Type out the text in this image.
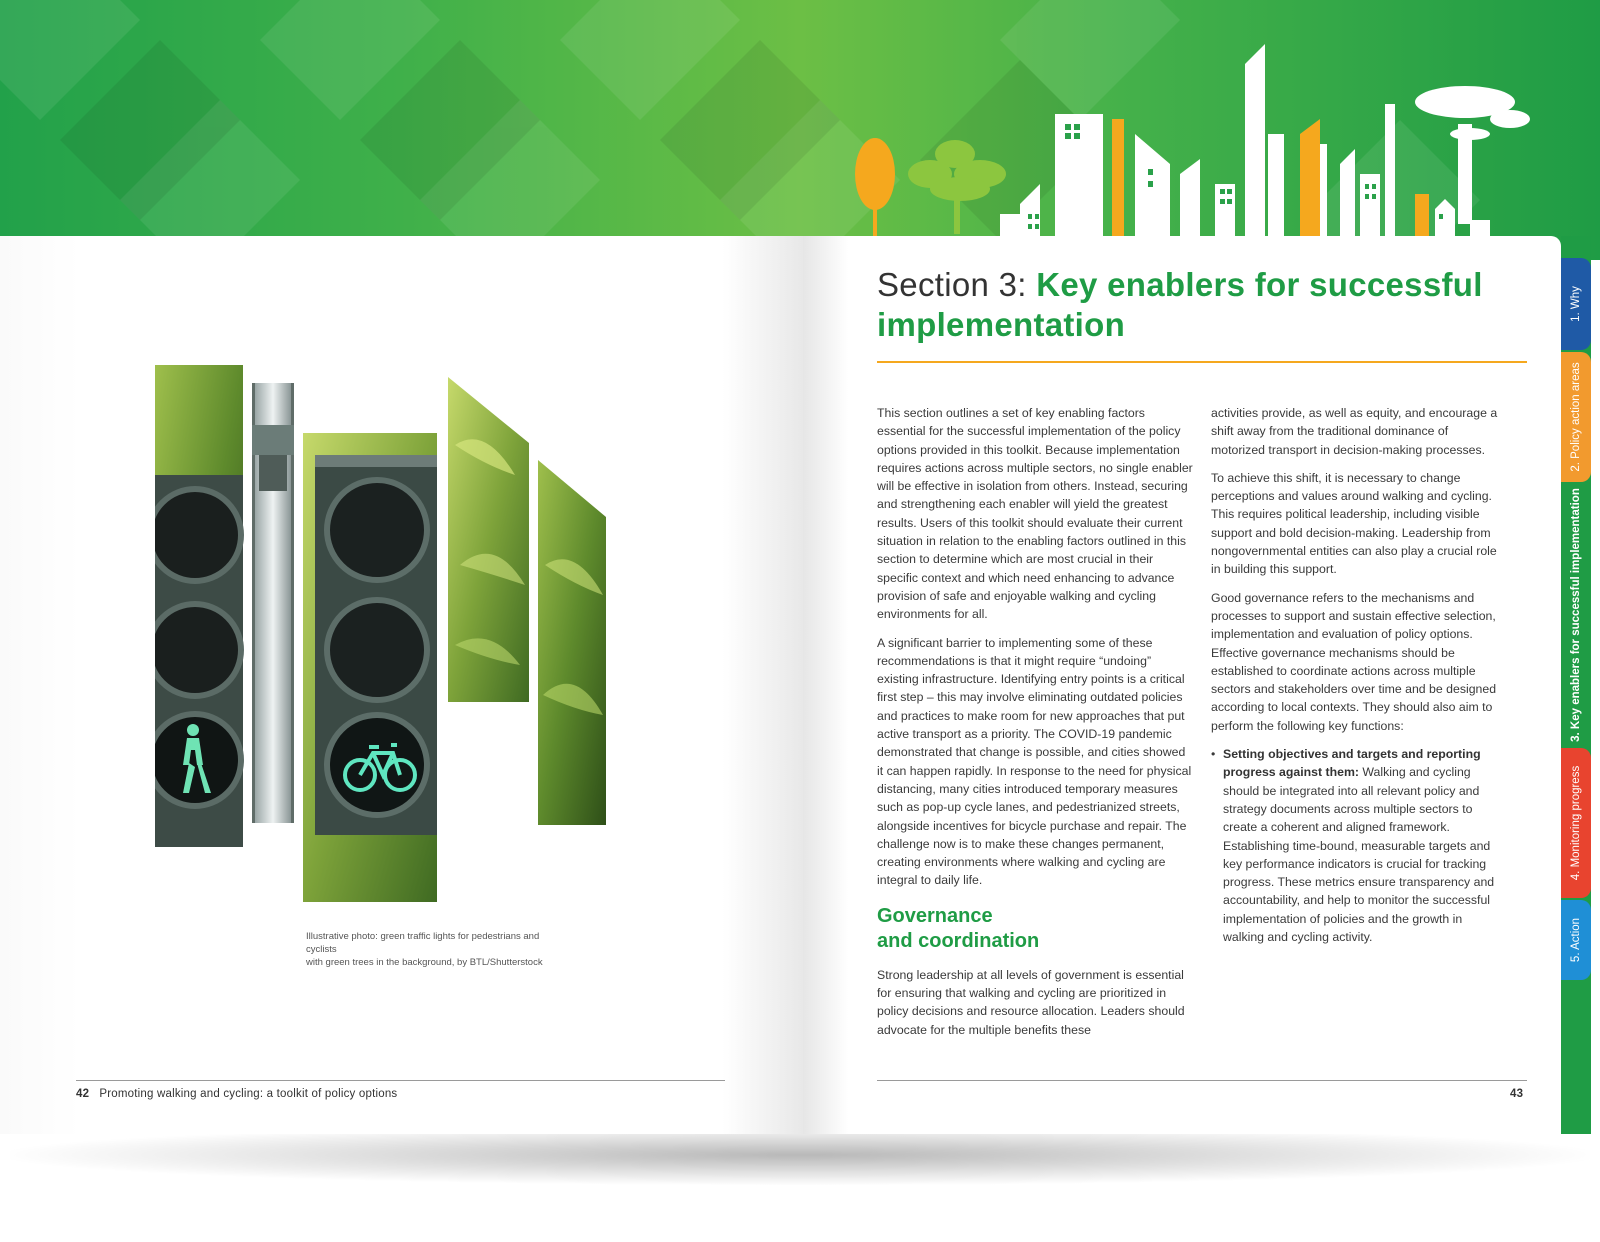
Illustrative photo: green traffic lights for pedestrians and cyclists
with green trees in the background, by BTL/Shutterstock
42 Promoting walking and cycling: a toolkit of policy options
Section 3: Key enablers for successful implementation

This section outlines a set of key enabling factors essential for the successful implementation of the policy options provided in this toolkit. Because implementation requires actions across multiple sectors, no single enabler will be effective in isolation from others. Instead, securing and strengthening each enabler will yield the greatest results. Users of this toolkit should evaluate their current situation in relation to the enabling factors outlined in this section to determine which are most crucial in their specific context and which need enhancing to advance provision of safe and enjoyable walking and cycling environments for all.

A significant barrier to implementing some of these recommendations is that it might require “undoing” existing infrastructure. Identifying entry points is a critical first step – this may involve eliminating outdated policies and practices to make room for new approaches that put active transport as a priority. The COVID-19 pandemic demonstrated that change is possible, and cities showed it can happen rapidly. In response to the need for physical distancing, many cities introduced temporary measures such as pop-up cycle lanes, and pedestrianized streets, alongside incentives for bicycle purchase and repair. The challenge now is to make these changes permanent, creating environments where walking and cycling are integral to daily life.

Governance
and coordination

Strong leadership at all levels of government is essential for ensuring that walking and cycling are prioritized in policy decisions and resource allocation. Leaders should advocate for the multiple benefits these

activities provide, as well as equity, and encourage a shift away from the traditional dominance of motorized transport in decision-making processes.

To achieve this shift, it is necessary to change perceptions and values around walking and cycling. This requires political leadership, including visible support and bold decision-making. Leadership from nongovernmental entities can also play a crucial role in building this support.

Good governance refers to the mechanisms and processes to support and sustain effective selection, implementation and evaluation of policy options. Effective governance mechanisms should be established to coordinate actions across multiple sectors and stakeholders over time and be designed according to local contexts. They should also aim to perform the following key functions:

• Setting objectives and targets and reporting progress against them: Walking and cycling should be integrated into all relevant policy and strategy documents across multiple sectors to create a coherent and aligned framework. Establishing time-bound, measurable targets and key performance indicators is crucial for tracking progress. These metrics ensure transparency and accountability, and help to monitor the successful implementation of policies and the growth in walking and cycling activity.

43
1. Why
2. Policy action areas
3. Key enablers for successful implementation
4. Monitoring progress
5. Action
